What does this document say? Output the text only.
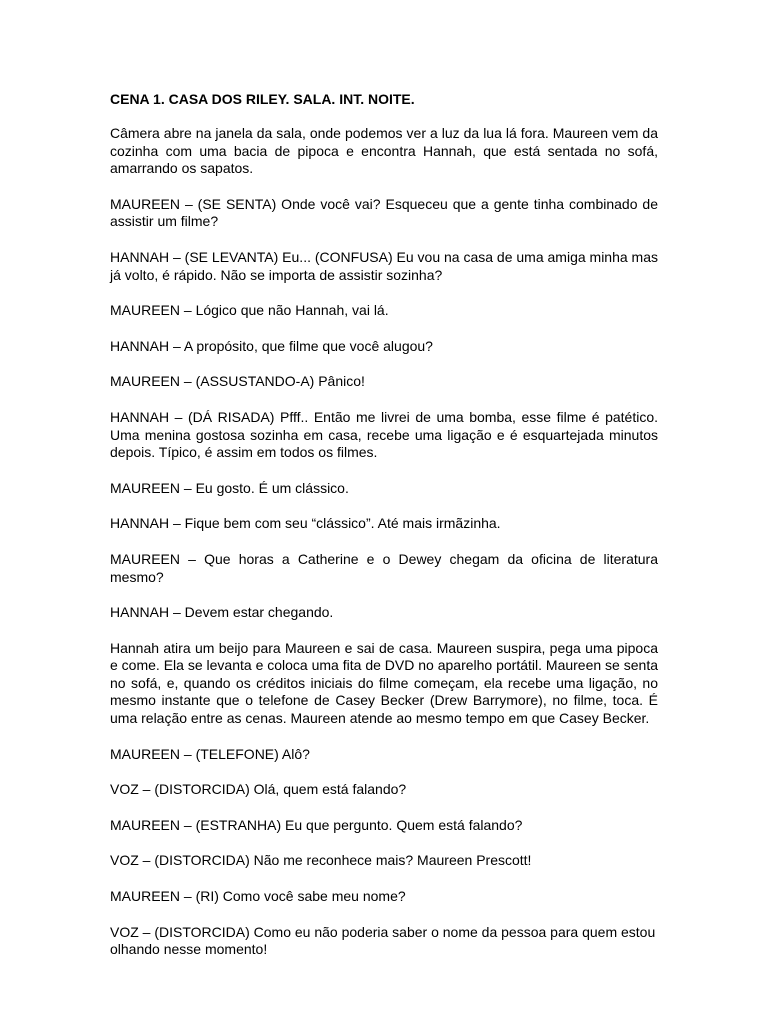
CENA 1. CASA DOS RILEY. SALA. INT. NOITE.
Câmera abre na janela da sala, onde podemos ver a luz da lua lá fora. Maureen vem da cozinha com uma bacia de pipoca e encontra Hannah, que está sentada no sofá, amarrando os sapatos.
MAUREEN – (SE SENTA) Onde você vai? Esqueceu que a gente tinha combinado de assistir um filme?
HANNAH – (SE LEVANTA) Eu... (CONFUSA) Eu vou na casa de uma amiga minha mas já volto, é rápido. Não se importa de assistir sozinha?
MAUREEN – Lógico que não Hannah, vai lá.
HANNAH – A propósito, que filme que você alugou?
MAUREEN – (ASSUSTANDO-A) Pânico!
HANNAH – (DÁ RISADA) Pfff.. Então me livrei de uma bomba, esse filme é patético. Uma menina gostosa sozinha em casa, recebe uma ligação e é esquartejada minutos depois. Típico, é assim em todos os filmes.
MAUREEN – Eu gosto. É um clássico.
HANNAH – Fique bem com seu “clássico”. Até mais irmãzinha.
MAUREEN – Que horas a Catherine e o Dewey chegam da oficina de literatura mesmo?
HANNAH – Devem estar chegando.
Hannah atira um beijo para Maureen e sai de casa. Maureen suspira, pega uma pipoca e come. Ela se levanta e coloca uma fita de DVD no aparelho portátil. Maureen se senta no sofá, e, quando os créditos iniciais do filme começam, ela recebe uma ligação, no mesmo instante que o telefone de Casey Becker (Drew Barrymore), no filme, toca. É uma relação entre as cenas. Maureen atende ao mesmo tempo em que Casey Becker.
MAUREEN – (TELEFONE) Alô?
VOZ – (DISTORCIDA) Olá, quem está falando?
MAUREEN – (ESTRANHA) Eu que pergunto. Quem está falando?
VOZ – (DISTORCIDA) Não me reconhece mais? Maureen Prescott!
MAUREEN – (RI) Como você sabe meu nome?
VOZ – (DISTORCIDA) Como eu não poderia saber o nome da pessoa para quem estou olhando nesse momento!
